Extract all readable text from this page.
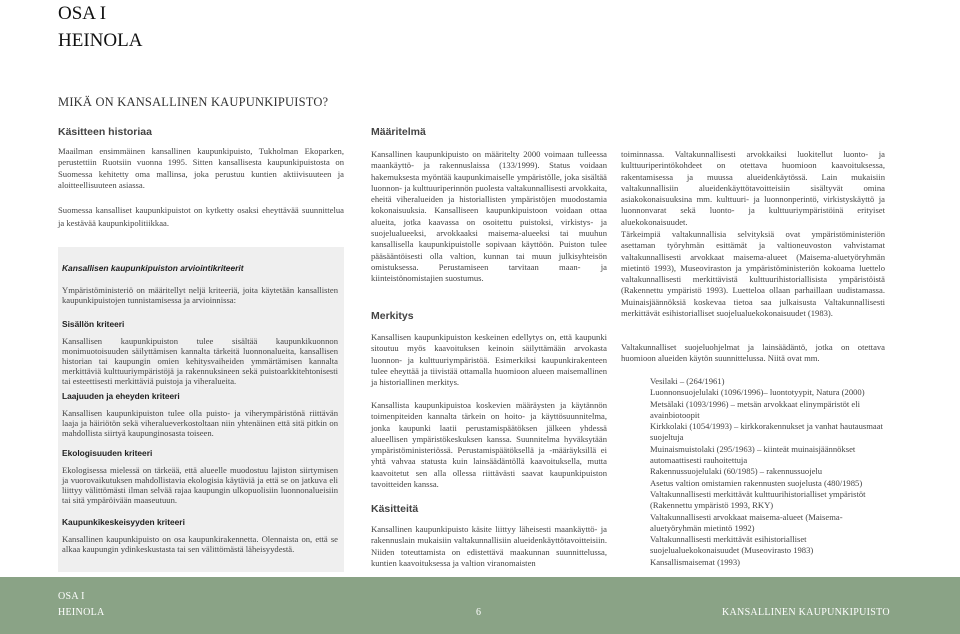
OSA I
HEINOLA
MIKÄ ON KANSALLINEN KAUPUNKIPUISTO?
Käsitteen historiaa
Maailman ensimmäinen kansallinen kaupunkipuisto, Tukholman Ekoparken, perustettiin Ruotsiin vuonna 1995. Sitten kansallisesta kaupunkipuistosta on Suomessa kehitetty oma mallinsa, joka perustuu kuntien aktiivisuuteen ja aloitteellisuuteen asiassa.
Suomessa kansalliset kaupunkipuistot on kytketty osaksi eheyttävää suunnittelua ja kestävää kaupunkipolitiikkaa.
Kansallisen kaupunkipuiston arviointikriteerit
Ympäristöministeriö on määritellyt neljä kriteeriä, joita käytetään kansallisten kaupunkipuistojen tunnistamisessa ja arvioinnissa:
Sisällön kriteeri
Kansallisen kaupunkipuiston tulee sisältää kaupunkikuonnon monimuotoisuuden säilyttämisen kannalta tärkeitä luonnonalueita, kansallisen historian tai kaupungin omien kehitysvaiheiden ymmärtämisen kannalta merkittäviä kulttuuriympäristöjä ja rakennuksineen sekä puistoarkkitehtonisesti tai esteettisesti merkittäviä puistoja ja viheralueita.
Laajuuden ja eheyden kriteeri
Kansallisen kaupunkipuiston tulee olla puisto- ja viherympäristönä riittävän laaja ja häiriötön sekä viheralueverkostoltaan niin yhtenäinen että sitä pitkin on mahdollista siirtyä kaupunginosasta toiseen.
Ekologisuuden kriteeri
Ekologisessa mielessä on tärkeää, että alueelle muodostuu lajiston siirtymisen ja vuorovaikutuksen mahdollistavia ekologisia käytäviä ja että se on jatkuva eli liittyy välittömästi ilman selvää rajaa kaupungin ulkopuolisiin luonnonalueisiin tai sitä ympäröivään maaseutuun.
Kaupunkikeskeisyyden kriteeri
Kansallinen kaupunkipuisto on osa kaupunkirakennetta. Olennaista on, että se alkaa kaupungin ydinkeskustasta tai sen välittömästä läheisyydestä.
Määritelmä
Kansallinen kaupunkipuisto on määritelty 2000 voimaan tulleessa maankäyttö- ja rakennuslaissa (133/1999). Status voidaan hakemuksesta myöntää kaupunkimaiselle ympäristölle, joka sisältää luonnon- ja kulttuuriperinnön puolesta valtakunnallisesti arvokkaita, eheitä viheralueiden ja historiallisten ympäristöjen muodostamia kokonaisuuksia. Kansalliseen kaupunkipuistoon voidaan ottaa alueita, jotka kaavassa on osoitettu puistoksi, virkistys- ja suojelualueeksi, arvokkaaksi maisema-alueeksi tai muuhun kansallisella kaupunkipuistolle sopivaan käyttöön. Puiston tulee pääsääntöisesti olla valtion, kunnan tai muun julkisyhteisön omistuksessa. Perustamiseen tarvitaan maan- ja kiinteistönomistajien suostumus.
Merkitys
Kansallisen kaupunkipuiston keskeinen edellytys on, että kaupunki sitoutuu myös kaavoituksen keinoin säilyttämään arvokasta luonnon- ja kulttuuriympäristöä. Esimerkiksi kaupunkirakenteen tulee eheyttää ja tiivistää ottamalla huomioon alueen maisemallinen ja historiallinen merkitys.
Kansallista kaupunkipuistoa koskevien määräysten ja käytännön toimenpiteiden kannalta tärkein on hoito- ja käyttösuunnitelma, jonka kaupunki laatii perustamispäätöksen jälkeen yhdessä alueellisen ympäristökeskuksen kanssa. Suunnitelma hyväksytään ympäristöministeriössä. Perustamispäätöksellä ja -määräyksillä ei yhtä vahvaa statusta kuin lainsäädäntöllä kaavoituksella, mutta kaavoitetut sen alla ollessa riittävästi saavat kaupunkipuiston tavoitteiden kanssa.
Käsitteitä
Kansallinen kaupunkipuisto käsite liittyy läheisesti maankäyttö- ja rakennuslain mukaisiin valtakunnallisiin alueidenkäyttötavoitteisiin. Niiden toteuttamista on edistettävä maakunnan suunnittelussa, kuntien kaavoituksessa ja valtion viranomaisten
toiminnassa. Valtakunnallisesti arvokkaiksi luokitellut luonto- ja kulttuuriperintökohdeet on otettava huomioon kaavoituksessa, rakentamisessa ja muussa alueidenkäytössä. Lain mukaisiin valtakunnallisiin alueidenkäyttötavoitteisiin sisältyvät omina asiakokonaisuuksina mm. kulttuuri- ja luonnonperintö, virkistyskäyttö ja luonnonvarat sekä luonto- ja kulttuuriympäristöinä erityiset aluekokonaisuudet.
Tärkeimpiä valtakunnallisia selvityksiä ovat ympäristöministeriön asettaman työryhmän esittämät ja valtioneuvoston vahvistamat valtakunnallisesti arvokkaat maisema-alueet (Maisema-aluetyöryhmän mietintö 1993), Museoviraston ja ympäristöministeriön kokoama luettelo valtakunnallisesti merkittävistä kulttuurihistoriallisista ympäristöistä (Rakennettu ympäristö 1993). Luetteloa ollaan parhaillaan uudistamassa. Muinaisjäännöksiä koskevaa tietoa saa julkaisusta Valtakunnallisesti merkittävät esihistorialliset suojelualuekokonaisuudet (1983).
Valtakunnalliset suojeluohjelmat ja lainsäädäntö, jotka on otettava huomioon alueiden käytön suunnittelussa. Niitä ovat mm.
Vesilaki – (264/1961)
Luonnonsuojelulaki (1096/1996)– luontotyypit, Natura (2000)
Metsälaki (1093/1996) – metsän arvokkaat elinympäristöt eli avainbiotoopit
Kirkkolaki (1054/1993) – kirkkorakennukset ja vanhat hautausmaat suojeltuja
Muinaismuistolaki (295/1963) – kiinteät muinaisjäännökset automaattisesti rauhoitettuja
Rakennussuojelulaki (60/1985) – rakennussuojelu
Asetus valtion omistamien rakennusten suojelusta (480/1985)
Valtakunnallisesti merkittävät kulttuurihistorialliset ympäristöt (Rakennettu ympäristö 1993, RKY)
Valtakunnallisesti arvokkaat maisema-alueet (Maisema-aluetyöryhmän mietintö 1992)
Valtakunnallisesti merkittävät esihistorialliset suojelualuekokonaisuudet (Museovirasto 1983)
Kansallismaisemat (1993)
OSA I
HEINOLA	6	KANSALLINEN KAUPUNKIPUISTO
